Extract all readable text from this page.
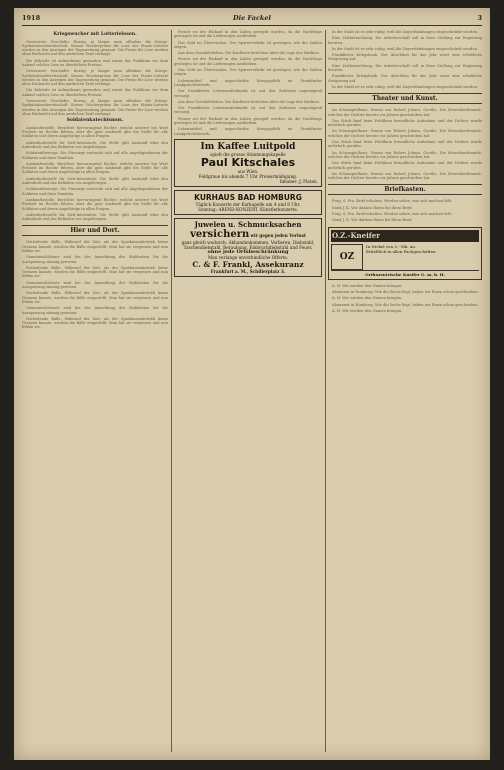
1918	Die Fackel	3
Kriegswucher mit Lotterielosen.

Gewisseste Geschäfte. Borsig, je länger man offenbar die Kriegs-Spekulationsbereitschaft. Krasse Wucherpreise für Lose der Staats-Lotterie werden in den Anzeigen der Tageszeitung genannt. Die Preise für Lose werden ohne Rücksicht auf den amtlichen Tarif verlangt.

Die Behörde ist aufmerksam geworden und warnt das Publikum vor dem Ankauf solcher Lose zu überhöhten Preisen.

Gewisseste Geschäfte. Borsig, je länger man offenbar die Kriegs-Spekulationsbereitschaft. Krasse Wucherpreise für Lose der Staats-Lotterie werden in den Anzeigen der Tageszeitung genannt. Die Preise für Lose werden ohne Rücksicht auf den amtlichen Tarif verlangt.

Die Behörde ist aufmerksam geworden und warnt das Publikum vor dem Ankauf solcher Lose zu überhöhten Preisen.

Gewisseste Geschäfte. Borsig, je länger man offenbar die Kriegs-Spekulationsbereitschaft. Krasse Wucherpreise für Lose der Staats-Lotterie werden in den Anzeigen der Tageszeitung genannt. Die Preise für Lose werden ohne Rücksicht auf den amtlichen Tarif verlangt.

Soldatenkatechismus.

Auskunftsstelle. Berichtet hervorragend Rechte, welche unserer bei Wort Freiheit im Rechte führen, aber die gute Auskunft gibt die Stelle für alle Soldaten und deren Angehörige in allen Fragen.

Aufenthaltsstelle für Zivil-Internierte. Die Stelle gibt Auskunft über den Aufenthalt und das Befinden von Angehörigen.

Soldatenfürsorge. Die Fürsorge erstreckt sich auf alle Angelegenheiten der Soldaten und ihrer Familien.

Auskunftsstelle. Berichtet hervorragend Rechte, welche unserer bei Wort Freiheit im Rechte führen, aber die gute Auskunft gibt die Stelle für alle Soldaten und deren Angehörige in allen Fragen.

Aufenthaltsstelle für Zivil-Internierte. Die Stelle gibt Auskunft über den Aufenthalt und das Befinden von Angehörigen.

Soldatenfürsorge. Die Fürsorge erstreckt sich auf alle Angelegenheiten der Soldaten und ihrer Familien.

Auskunftsstelle. Berichtet hervorragend Rechte, welche unserer bei Wort Freiheit im Rechte führen, aber die gute Auskunft gibt die Stelle für alle Soldaten und deren Angehörige in allen Fragen.

Aufenthaltsstelle für Zivil-Internierte. Die Stelle gibt Auskunft über den Aufenthalt und das Befinden von Angehörigen.

Hier und Dort.

Notleidende Bälle. Während der Zeit, als der Sparkassenbetrieb keine Grenzen kannte, wurden die Bälle eingestellt. Man hat sie vergessen und nun fehlen sie.

Gemeinwohlsleute sind bei der Anmeldung der Mahlzeiten für die Ausspeisung säumig gewesen.

Notleidende Bälle. Während der Zeit, als der Sparkassenbetrieb keine Grenzen kannte, wurden die Bälle eingestellt. Man hat sie vergessen und nun fehlen sie.

Gemeinwohlsleute sind bei der Anmeldung der Mahlzeiten für die Ausspeisung säumig gewesen.

Notleidende Bälle. Während der Zeit, als der Sparkassenbetrieb keine Grenzen kannte, wurden die Bälle eingestellt. Man hat sie vergessen und nun fehlen sie.

Gemeinwohlsleute sind bei der Anmeldung der Mahlzeiten für die Ausspeisung säumig gewesen.

Notleidende Bälle. Während der Zeit, als der Sparkassenbetrieb keine Grenzen kannte, wurden die Bälle eingestellt. Man hat sie vergessen und nun fehlen sie.

Ferner sei der Einkauf in den Läden geregelt worden, da die Nachfrage gestiegen ist und die Lieferungen ausbleiben.

Das Geld im Überwachen. Der Sparerverkehr ist gestiegen, wie die Zahlen zeigen.

Aus dem Geschäftsleben. Die Kaufleute berichten über die Lage des Marktes.

Ferner sei der Einkauf in den Läden geregelt worden, da die Nachfrage gestiegen ist und die Lieferungen ausbleiben.

Das Geld im Überwachen. Der Sparerverkehr ist gestiegen, wie die Zahlen zeigen.

Lebensmittel und ungeschickte Kriegspolitik im Frankfurter Landgerichtsbezirk.

Der Frankfurter Lebensmittelmarkt ist mit den Zufuhren ungenügend versorgt.

Aus dem Geschäftsleben. Die Kaufleute berichten über die Lage des Marktes.

Der Frankfurter Lebensmittelmarkt ist mit den Zufuhren ungenügend versorgt.

Ferner sei der Einkauf in den Läden geregelt worden, da die Nachfrage gestiegen ist und die Lieferungen ausbleiben.

Lebensmittel und ungeschickte Kriegspolitik im Frankfurter Landgerichtsbezirk.

Im Kaffee Luitpold
spielt die grosse Stimmungskapelle
Paul Kitschales
aus Wien.
Feldgraue bis abends 7 Uhr Preisermäßigung.
Inhaber: J. Platen.
KURHAUS BAD HOMBURG
Täglich Konzerte der Kurkapelle um 4 und 8 Uhr.
Sonntag: ABEND-KONZERT. Künstlerkonzerte.
Juwelen u. Schmucksachen
versichern wir gegen jeden Verlust
ganz gleich wodurch: Abhandenkommen, Verlieren, Diebstahl, Taschendiebstahl, Beraubung, Einbruchdiebstahl und Feuer.
ohne jede Ortsbeschränkung
Man verlange unverbindliche Offerte.
C. & F. Frankl, Assekuranz
Frankfurt a. M., Schillerplatz 3.

In der Stadt ist es sehr ruhig, weil die Zugverbindungen eingeschränkt wurden.

Eine Zeitbetrachtung. Die Arbeiterschaft soll in ihrer Stellung zur Regierung beraten.

In der Stadt ist es sehr ruhig, weil die Zugverbindungen eingeschränkt wurden.

Frankfurter Kriegsbank. Der Abschluss für das Jahr weist eine erhebliche Steigerung auf.

Eine Zeitbetrachtung. Die Arbeiterschaft soll in ihrer Stellung zur Regierung beraten.

Frankfurter Kriegsbank. Der Abschluss für das Jahr weist eine erhebliche Steigerung auf.

In der Stadt ist es sehr ruhig, weil die Zugverbindungen eingeschränkt wurden.

Theater und Kunst.

Im Schauspielhaus: Drama von Robert Johnes, Goethe, Die Menschenfreunde, welches der Dichter bereits vor Jahren geschrieben hat.

Das Stück fand beim Publikum freundliche Aufnahme und der Dichter wurde mehrfach gerufen.

Im Schauspielhaus: Drama von Robert Johnes, Goethe, Die Menschenfreunde, welches der Dichter bereits vor Jahren geschrieben hat.

Das Stück fand beim Publikum freundliche Aufnahme und der Dichter wurde mehrfach gerufen.

Im Schauspielhaus: Drama von Robert Johnes, Goethe, Die Menschenfreunde, welches der Dichter bereits vor Jahren geschrieben hat.

Das Stück fand beim Publikum freundliche Aufnahme und der Dichter wurde mehrfach gerufen.

Im Schauspielhaus: Drama von Robert Johnes, Goethe, Die Menschenfreunde, welches der Dichter bereits vor Jahren geschrieben hat.

Briefkasten.

Frag. S. Fra. Brief erhalten. Werden sehen, was sich machen läßt.

Dank J. K. Wir danken Ihnen für Ihren Brief.

Frag. S. Fra. Brief erhalten. Werden sehen, was sich machen läßt.

Dank J. K. Wir danken Ihnen für Ihren Brief.

O.Z.-Kneifer
OZ
In Nickel von 3,- Mk. an.
Erhältlich in allen Fachgeschäften.
Orthozentrische Kneifer G. m. b. H.

A. H. Wir werden den Namen bringen.

Abonnent in Homburg. Wie die Sache liegt, haben wir Ihnen schon geschrieben.

A. H. Wir werden den Namen bringen.

Abonnent in Homburg. Wie die Sache liegt, haben wir Ihnen schon geschrieben.

A. H. Wir werden den Namen bringen.
